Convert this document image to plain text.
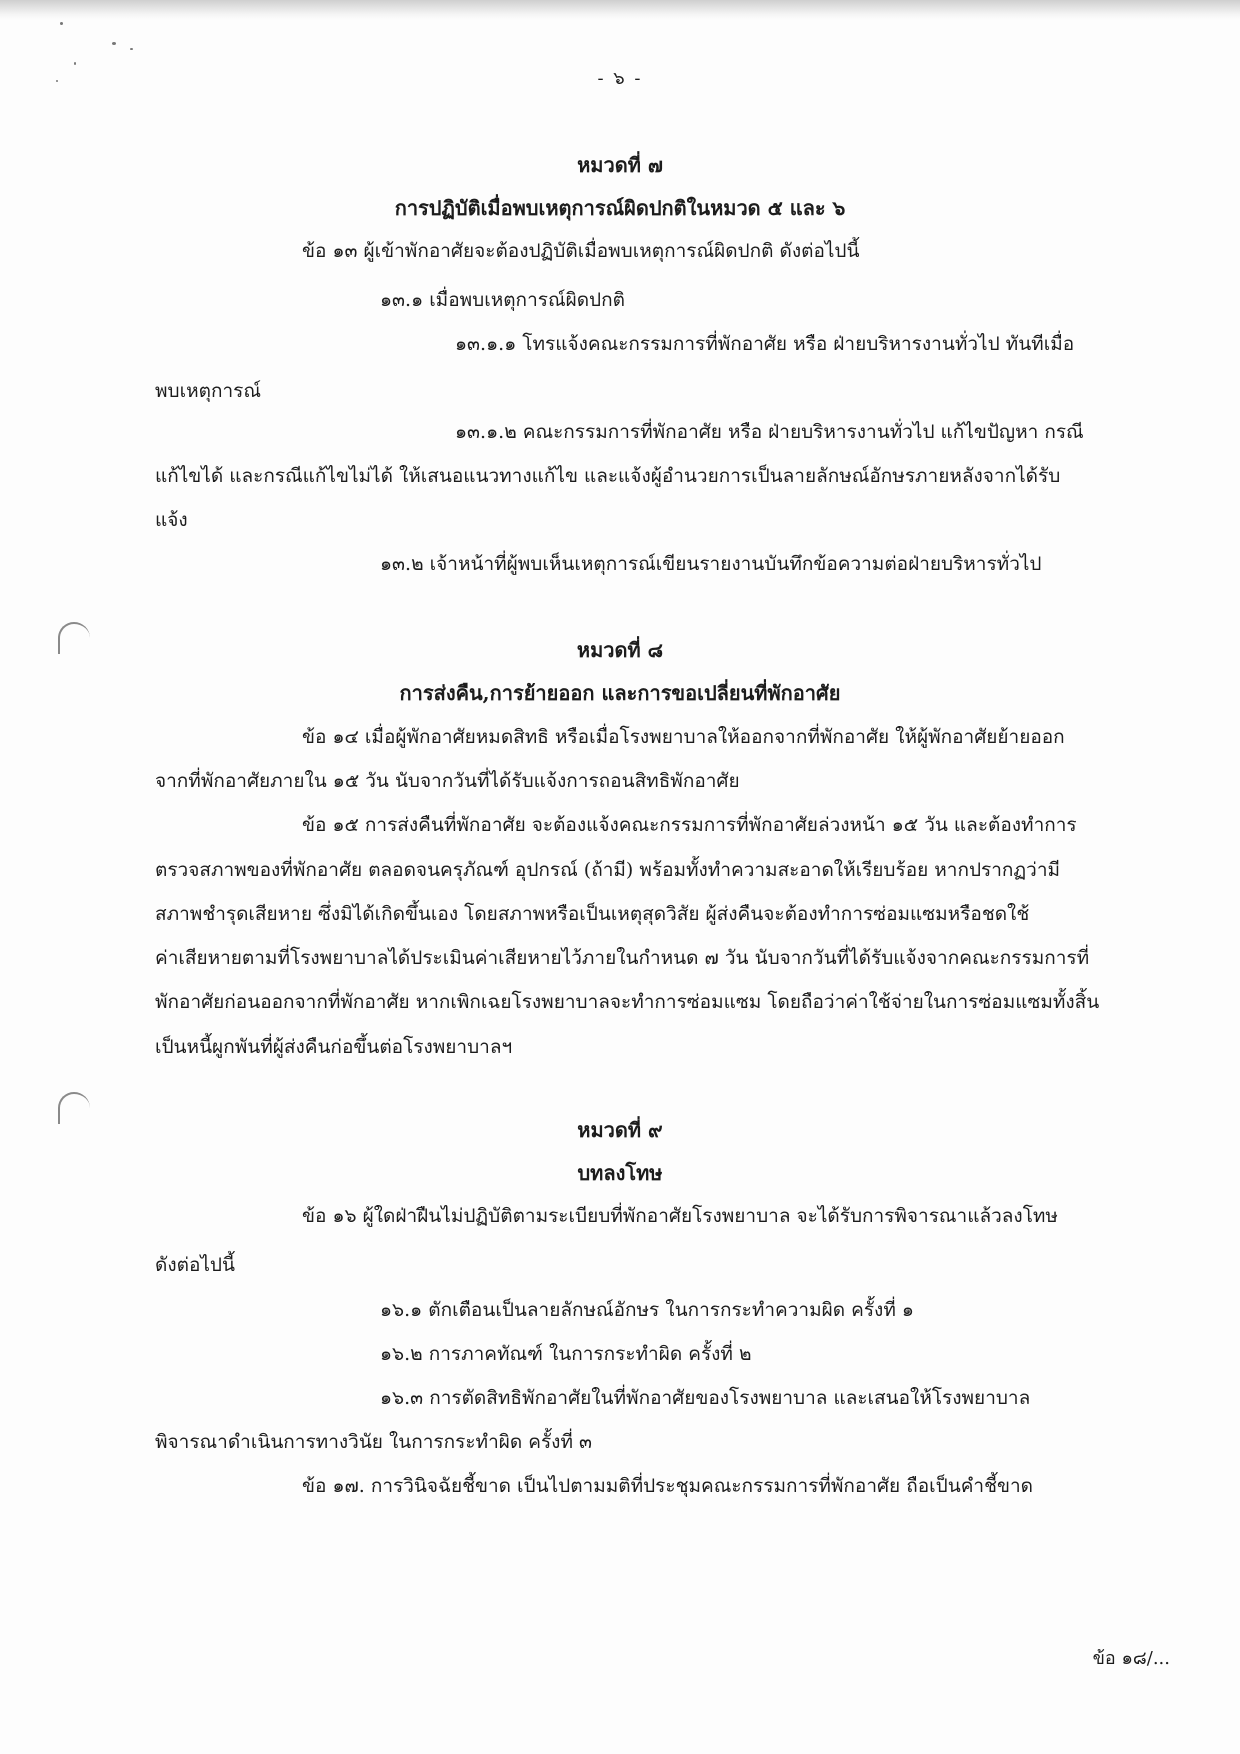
- ๖ -

หมวดที่ ๗

การปฏิบัติเมื่อพบเหตุการณ์ผิดปกติในหมวด ๕ และ ๖

ข้อ ๑๓ ผู้เข้าพักอาศัยจะต้องปฏิบัติเมื่อพบเหตุการณ์ผิดปกติ ดังต่อไปนี้

๑๓.๑ เมื่อพบเหตุการณ์ผิดปกติ

๑๓.๑.๑ โทรแจ้งคณะกรรมการที่พักอาศัย หรือ ฝ่ายบริหารงานทั่วไป ทันทีเมื่อ

พบเหตุการณ์

๑๓.๑.๒ คณะกรรมการที่พักอาศัย หรือ ฝ่ายบริหารงานทั่วไป แก้ไขปัญหา กรณี

แก้ไขได้ และกรณีแก้ไขไม่ได้ ให้เสนอแนวทางแก้ไข และแจ้งผู้อำนวยการเป็นลายลักษณ์อักษรภายหลังจากได้รับ

แจ้ง

๑๓.๒ เจ้าหน้าที่ผู้พบเห็นเหตุการณ์เขียนรายงานบันทึกข้อความต่อฝ่ายบริหารทั่วไป

หมวดที่ ๘

การส่งคืน,การย้ายออก และการขอเปลี่ยนที่พักอาศัย

ข้อ ๑๔ เมื่อผู้พักอาศัยหมดสิทธิ หรือเมื่อโรงพยาบาลให้ออกจากที่พักอาศัย ให้ผู้พักอาศัยย้ายออก

จากที่พักอาศัยภายใน ๑๕ วัน นับจากวันที่ได้รับแจ้งการถอนสิทธิพักอาศัย

ข้อ ๑๕ การส่งคืนที่พักอาศัย จะต้องแจ้งคณะกรรมการที่พักอาศัยล่วงหน้า ๑๕ วัน และต้องทำการ

ตรวจสภาพของที่พักอาศัย ตลอดจนครุภัณฑ์ อุปกรณ์ (ถ้ามี) พร้อมทั้งทำความสะอาดให้เรียบร้อย หากปรากฏว่ามี

สภาพชำรุดเสียหาย ซึ่งมิได้เกิดขึ้นเอง โดยสภาพหรือเป็นเหตุสุดวิสัย ผู้ส่งคืนจะต้องทำการซ่อมแซมหรือชดใช้

ค่าเสียหายตามที่โรงพยาบาลได้ประเมินค่าเสียหายไว้ภายในกำหนด ๗ วัน นับจากวันที่ได้รับแจ้งจากคณะกรรมการที่

พักอาศัยก่อนออกจากที่พักอาศัย หากเพิกเฉยโรงพยาบาลจะทำการซ่อมแซม โดยถือว่าค่าใช้จ่ายในการซ่อมแซมทั้งสิ้น

เป็นหนี้ผูกพันที่ผู้ส่งคืนก่อขึ้นต่อโรงพยาบาลฯ

หมวดที่ ๙

บทลงโทษ

ข้อ ๑๖ ผู้ใดฝ่าฝืนไม่ปฏิบัติตามระเบียบที่พักอาศัยโรงพยาบาล จะได้รับการพิจารณาแล้วลงโทษ

ดังต่อไปนี้

๑๖.๑ ตักเตือนเป็นลายลักษณ์อักษร ในการกระทำความผิด ครั้งที่ ๑

๑๖.๒ การภาคทัณฑ์ ในการกระทำผิด ครั้งที่ ๒

๑๖.๓ การตัดสิทธิพักอาศัยในที่พักอาศัยของโรงพยาบาล และเสนอให้โรงพยาบาล

พิจารณาดำเนินการทางวินัย ในการกระทำผิด ครั้งที่ ๓

ข้อ ๑๗. การวินิจฉัยชี้ขาด เป็นไปตามมติที่ประชุมคณะกรรมการที่พักอาศัย ถือเป็นคำชี้ขาด

ข้อ ๑๘/...
